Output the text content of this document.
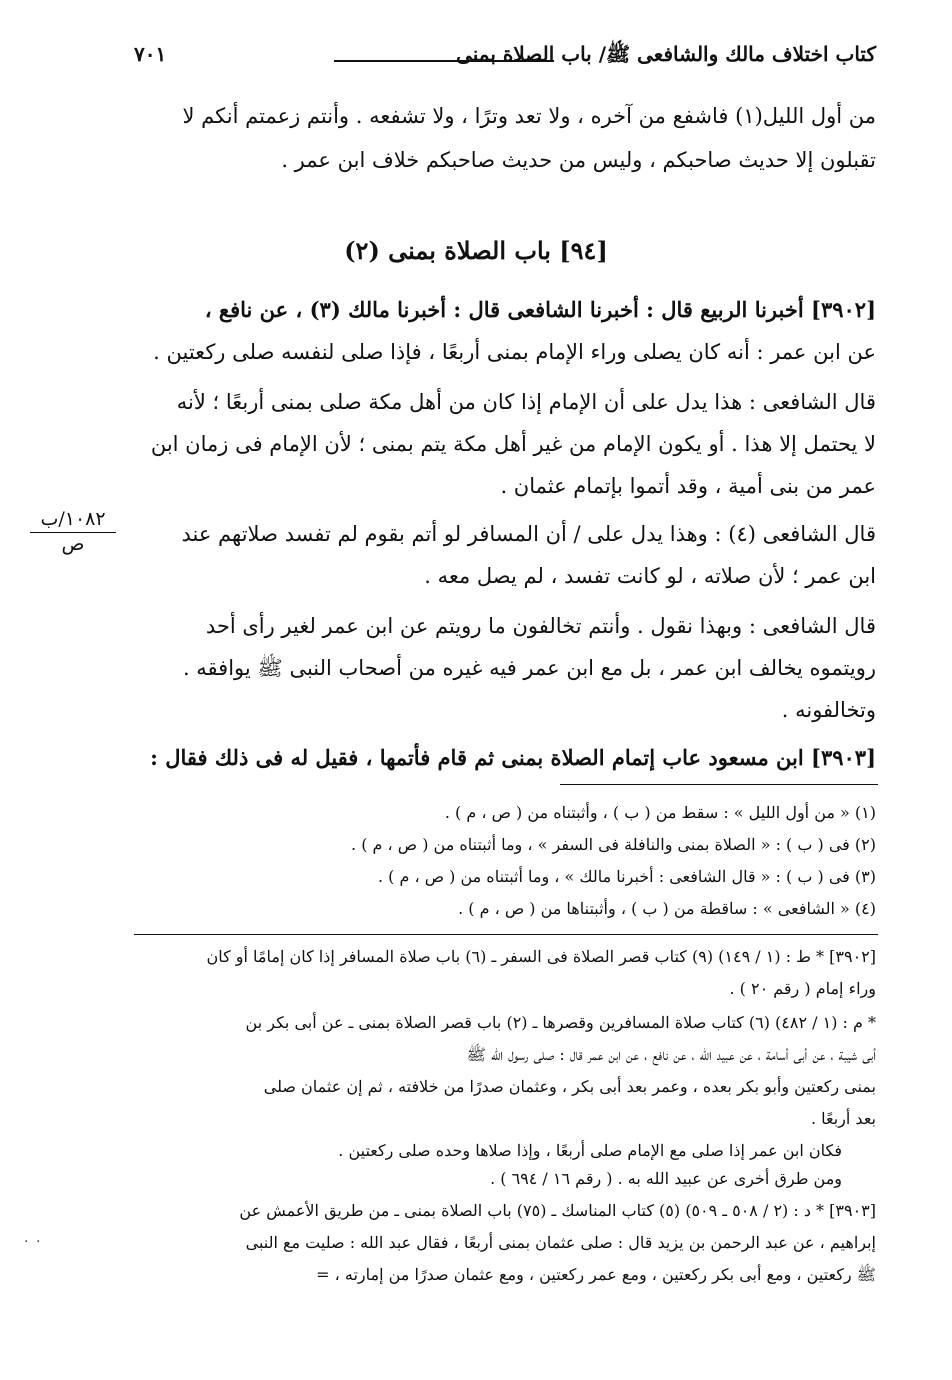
كتاب اختلاف مالك والشافعى ﷺ/ باب الصلاة بمنى
٧٠١
من أول الليل(١) فاشفع من آخره ، ولا تعد وترًا ، ولا تشفعه . وأنتم زعمتم أنكم لا
تقبلون إلا حديث صاحبكم ، وليس من حديث صاحبكم خلاف ابن عمر .
[٩٤] باب الصلاة بمنى (٢)
[٣٩٠٢] أخبرنا الربيع قال : أخبرنا الشافعى قال : أخبرنا مالك (٣) ، عن نافع ،
عن ابن عمر : أنه كان يصلى وراء الإمام بمنى أربعًا ، فإذا صلى لنفسه صلى ركعتين .
قال الشافعى : هذا يدل على أن الإمام إذا كان من أهل مكة صلى بمنى أربعًا ؛ لأنه
لا يحتمل إلا هذا . أو يكون الإمام من غير أهل مكة يتم بمنى ؛ لأن الإمام فى زمان ابن
عمر من بنى أمية ، وقد أتموا بإتمام عثمان .
١٠٨٢/ب
ص	قال الشافعى (٤) : وهذا يدل على / أن المسافر لو أتم بقوم لم تفسد صلاتهم عند
ابن عمر ؛ لأن صلاته ، لو كانت تفسد ، لم يصل معه .
قال الشافعى : وبهذا نقول . وأنتم تخالفون ما رويتم عن ابن عمر لغير رأى أحد
رويتموه يخالف ابن عمر ، بل مع ابن عمر فيه غيره من أصحاب النبى ﷺ يوافقه .
وتخالفونه .
[٣٩٠٣] ابن مسعود عاب إتمام الصلاة بمنى ثم قام فأتمها ، فقيل له فى ذلك فقال :
(١) « من أول الليل » : سقط من ( ب ) ، وأثبتناه من ( ص ، م ) .
(٢) فى ( ب ) : « الصلاة بمنى والنافلة فى السفر » ، وما أثبتناه من ( ص ، م ) .
(٣) فى ( ب ) : « قال الشافعى : أخبرنا مالك » ، وما أثبتناه من ( ص ، م ) .
(٤) « الشافعى » : ساقطة من ( ب ) ، وأثبتناها من ( ص ، م ) .
[٣٩٠٢] * ط : (١ / ١٤٩) (٩) كتاب قصر الصلاة فى السفر ـ (٦) باب صلاة المسافر إذا كان إمامًا أو كان
وراء إمام ( رقم ٢٠ ) .
* م : (١ / ٤٨٢) (٦) كتاب صلاة المسافرين وقصرها ـ (٢) باب قصر الصلاة بمنى ـ عن أبى بكر بن
أبى شيبة ، عن أبى أسامة ، عن عبيد الله ، عن نافع ، عن ابن عمر قال : صلى رسول الله ﷺ
بمنى ركعتين وأبو بكر بعده ، وعمر بعد أبى بكر ، وعثمان صدرًا من خلافته ، ثم إن عثمان صلى
بعد أربعًا .
فكان ابن عمر إذا صلى مع الإمام صلى أربعًا ، وإذا صلاها وحده صلى ركعتين .
ومن طرق أخرى عن عبيد الله به . ( رقم ١٦ / ٦٩٤ ) .
[٣٩٠٣] * د : (٢ / ٥٠٨ ـ ٥٠٩) (٥) كتاب المناسك ـ (٧٥) باب الصلاة بمنى ـ من طريق الأعمش عن
إبراهيم ، عن عبد الرحمن بن يزيد قال : صلى عثمان بمنى أربعًا ، فقال عبد الله : صليت مع النبى
ﷺ ركعتين ، ومع أبى بكر ركعتين ، ومع عمر ركعتين ، ومع عثمان صدرًا من إمارته ، =
· ·
